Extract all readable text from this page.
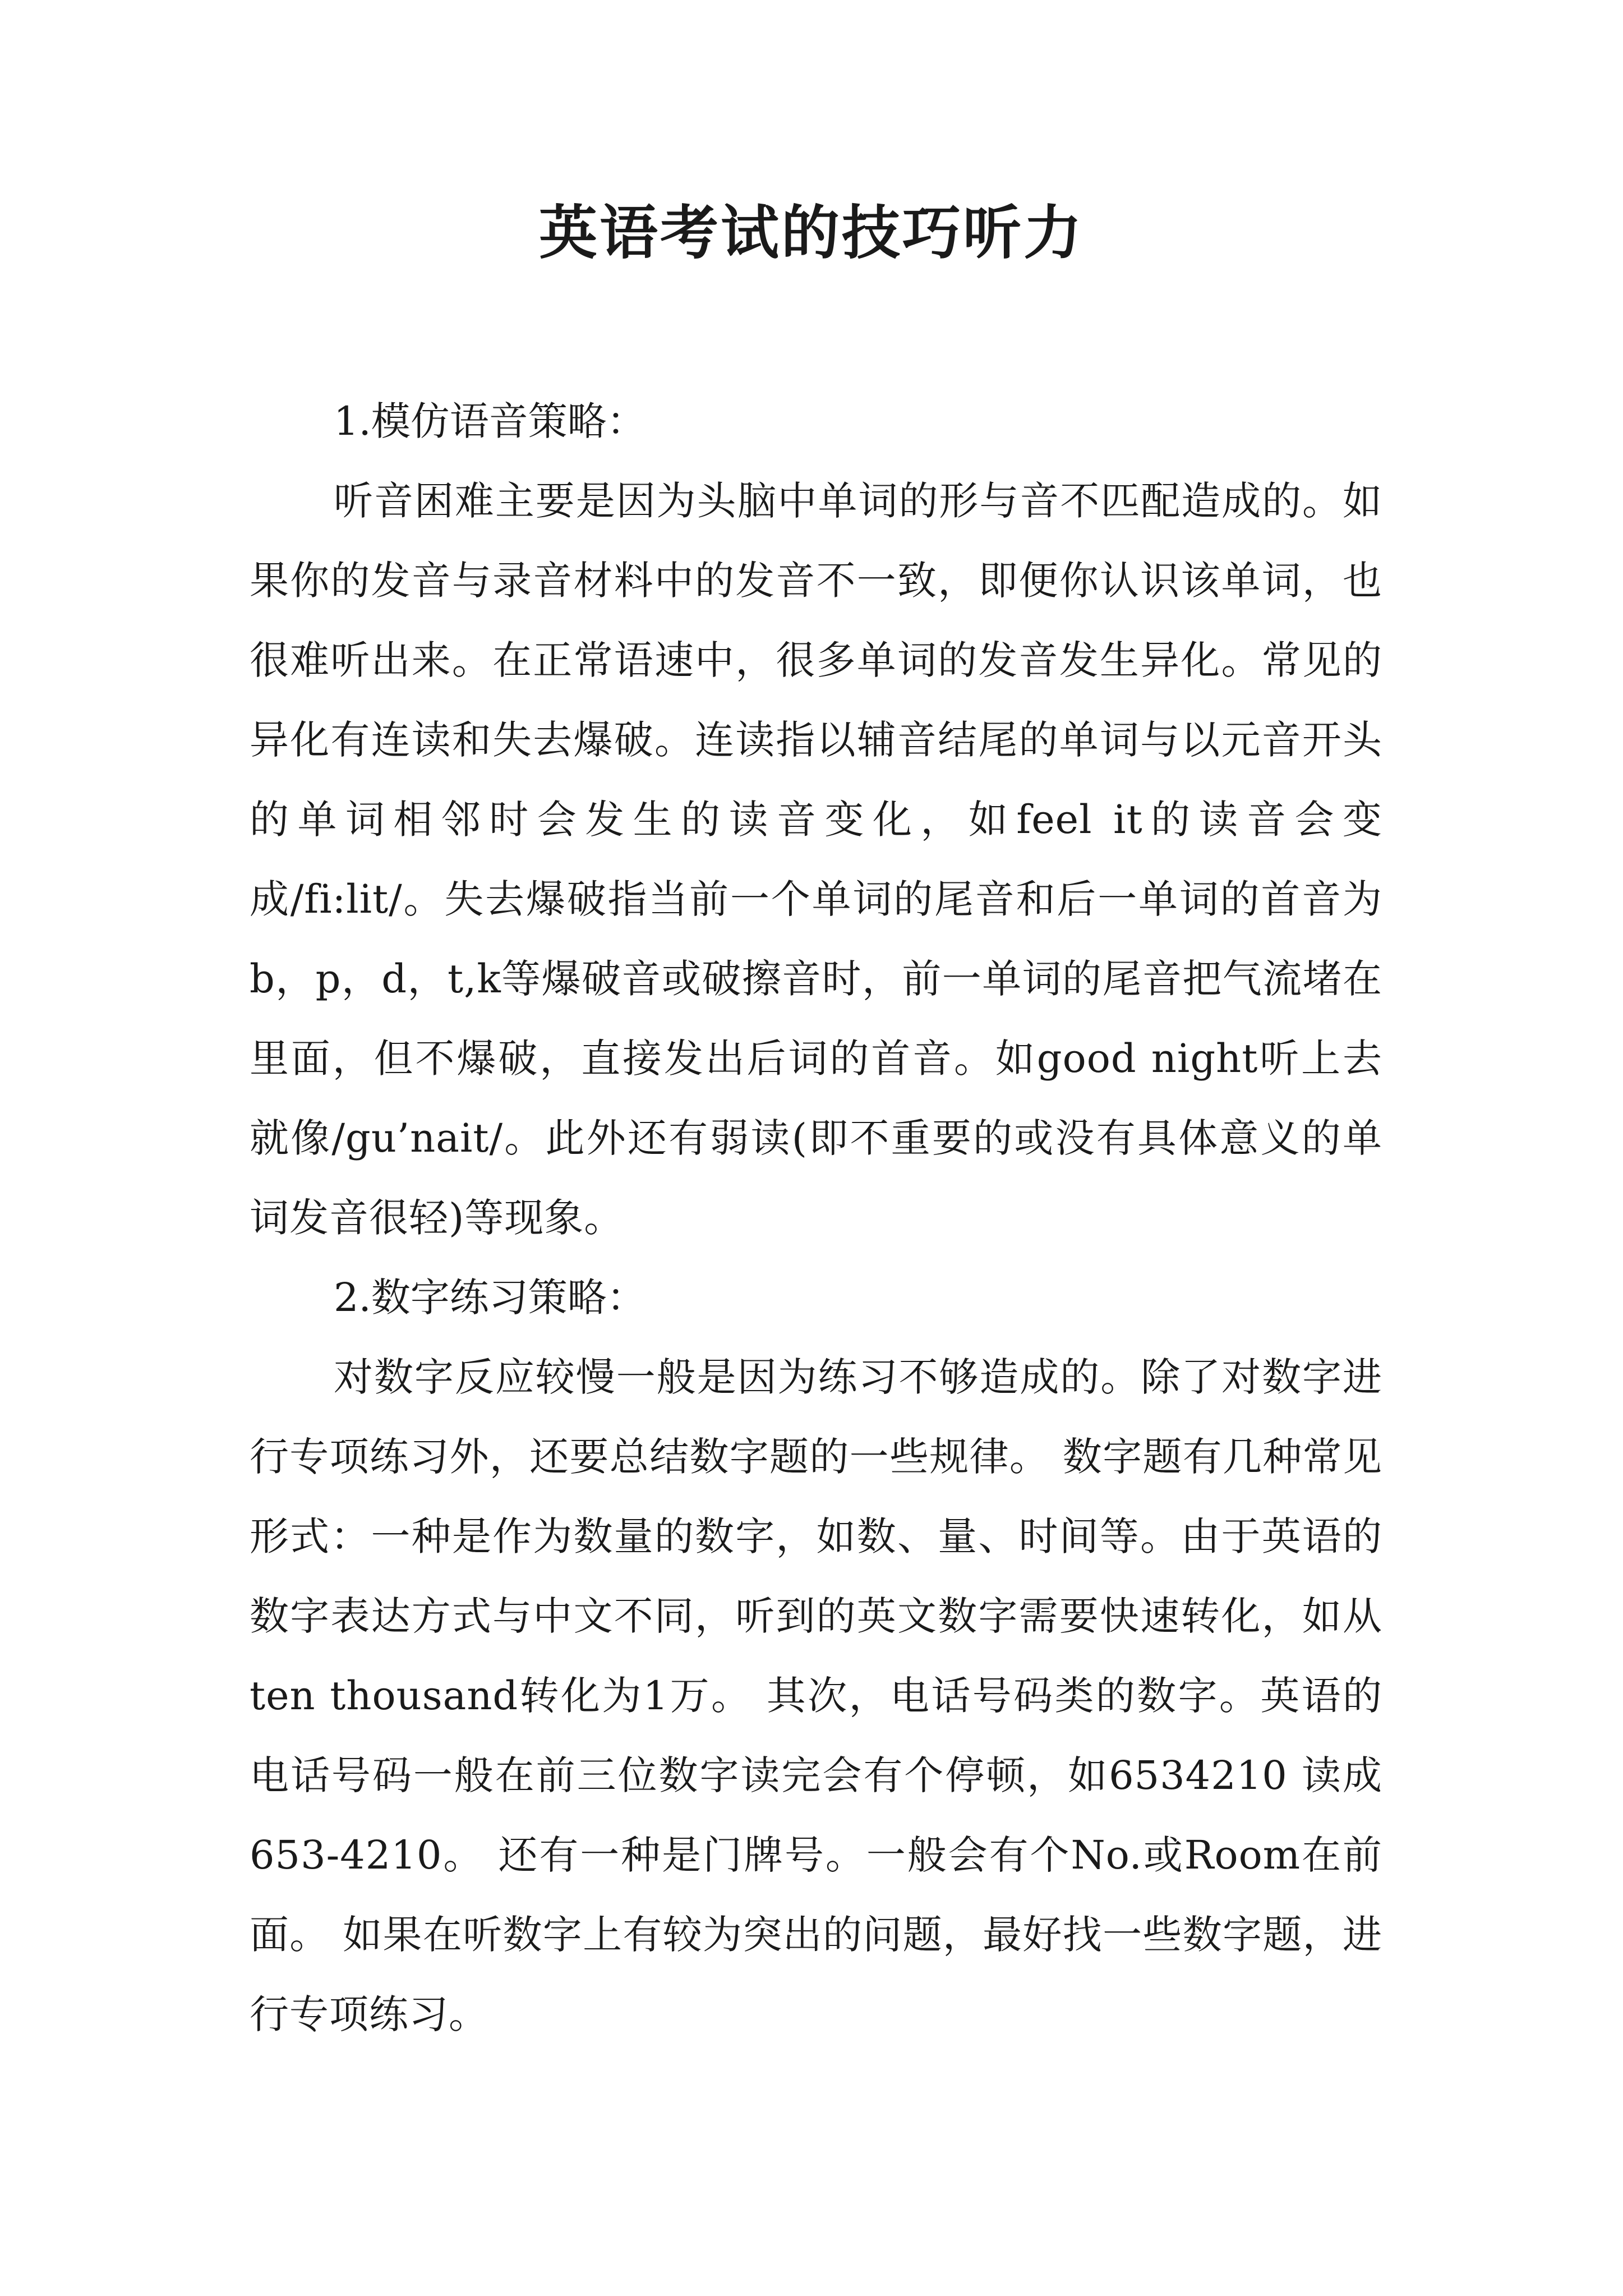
英语考试的技巧听力

1.模仿语音策略：

听音困难主要是因为头脑中单词的形与音不匹配造成的。如果你的发音与录音材料中的发音不一致，即便你认识该单词，也很难听出来。在正常语速中，很多单词的发音发生异化。常见的异化有连读和失去爆破。连读指以辅音结尾的单词与以元音开头的单词相邻时会发生的读音变化，如feel it的读音会变成/fi:lit/。失去爆破指当前一个单词的尾音和后一单词的首音为b，p，d，t,k等爆破音或破擦音时，前一单词的尾音把气流堵在里面，但不爆破，直接发出后词的首音。如good night听上去就像/gu’nait/。此外还有弱读(即不重要的或没有具体意义的单词发音很轻)等现象。

2.数字练习策略：

对数字反应较慢一般是因为练习不够造成的。除了对数字进行专项练习外，还要总结数字题的一些规律。 数字题有几种常见形式：一种是作为数量的数字，如数、量、时间等。由于英语的数字表达方式与中文不同，听到的英文数字需要快速转化，如从ten thousand转化为1万。 其次，电话号码类的数字。英语的电话号码一般在前三位数字读完会有个停顿，如6534210 读成653-4210。 还有一种是门牌号。一般会有个No.或Room在前面。 如果在听数字上有较为突出的问题，最好找一些数字题，进行专项练习。
